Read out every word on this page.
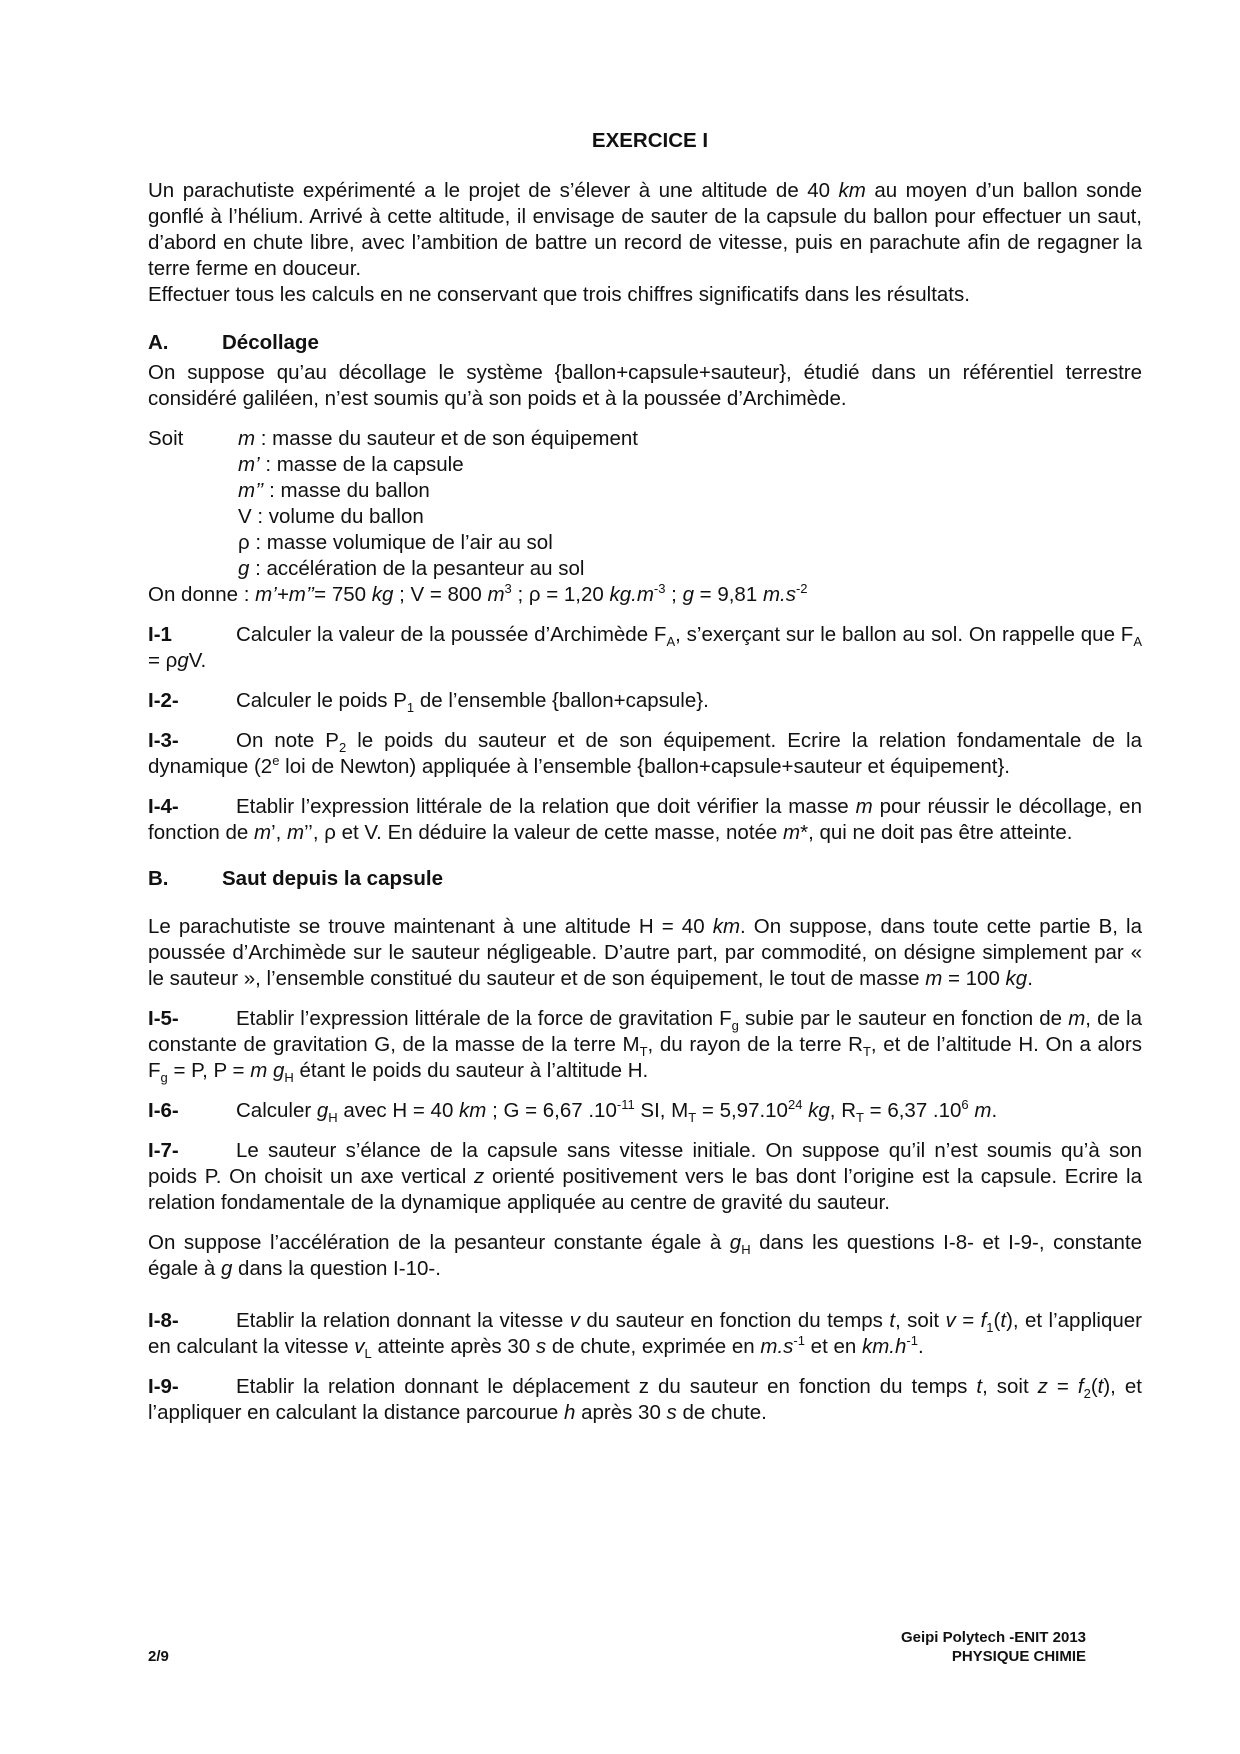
EXERCICE I

Un parachutiste expérimenté a le projet de s’élever à une altitude de 40 km au moyen d’un ballon sonde gonflé à l’hélium. Arrivé à cette altitude, il envisage de sauter de la capsule du ballon pour effectuer un saut, d’abord en chute libre, avec l’ambition de battre un record de vitesse, puis en parachute afin de regagner la terre ferme en douceur.

Effectuer tous les calculs en ne conservant que trois chiffres significatifs dans les résultats.

A.	Décollage

On suppose qu’au décollage le système {ballon+capsule+sauteur}, étudié dans un référentiel terrestre considéré galiléen, n’est soumis qu’à son poids et à la poussée d’Archimède.

Soit	m : masse du sauteur et de son équipement
m’ : masse de la capsule
m’’ : masse du ballon
V : volume du ballon
ρ : masse volumique de l’air au sol
g : accélération de la pesanteur au sol

On donne : m’+m’’= 750 kg ; V = 800 $m^3$ ; ρ = 1,20 $kg.m^{-3}$ ; g = 9,81 $m.s^{-2}$

I-1	Calculer la valeur de la poussée d’Archimède $F_A$, s’exerçant sur le ballon au sol. On rappelle que $F_A = \rho gV$.

I-2-	Calculer le poids $P_1$ de l’ensemble {ballon+capsule}.

I-3-	On note $P_2$ le poids du sauteur et de son équipement. Ecrire la relation fondamentale de la dynamique (2e loi de Newton) appliquée à l’ensemble {ballon+capsule+sauteur et équipement}.

I-4-	Etablir l’expression littérale de la relation que doit vérifier la masse m pour réussir le décollage, en fonction de m’, m’’, ρ et V. En déduire la valeur de cette masse, notée m*, qui ne doit pas être atteinte.

B.	Saut depuis la capsule

Le parachutiste se trouve maintenant à une altitude H = 40 km. On suppose, dans toute cette partie B, la poussée d’Archimède sur le sauteur négligeable. D’autre part, par commodité, on désigne simplement par « le sauteur », l’ensemble constitué du sauteur et de son équipement, le tout de masse m = 100 kg.

I-5-	Etablir l’expression littérale de la force de gravitation $F_g$ subie par le sauteur en fonction de m, de la constante de gravitation G, de la masse de la terre $M_T$, du rayon de la terre $R_T$, et de l’altitude H. On a alors $F_g = P$, P = m $g_H$ étant le poids du sauteur à l’altitude H.

I-6-	Calculer $g_H$ avec H = 40 km ; G = 6,67 $.10^{-11}$ SI, $M_T = 5,97.10^{24}$ kg, $R_T = 6,37$ $.10^6$ m.

I-7-	Le sauteur s’élance de la capsule sans vitesse initiale. On suppose qu’il n’est soumis qu’à son poids P. On choisit un axe vertical z orienté positivement vers le bas dont l’origine est la capsule. Ecrire la relation fondamentale de la dynamique appliquée au centre de gravité du sauteur.

On suppose l’accélération de la pesanteur constante égale à $g_H$ dans les questions I-8- et I-9-, constante égale à g dans la question I-10-.

I-8-	Etablir la relation donnant la vitesse v du sauteur en fonction du temps t, soit $v = f_1(t)$, et l’appliquer en calculant la vitesse $v_L$ atteinte après 30 s de chute, exprimée en $m.s^{-1}$ et en $km.h^{-1}$.

I-9-	Etablir la relation donnant le déplacement z du sauteur en fonction du temps t, soit $z = f_2(t)$, et l’appliquer en calculant la distance parcourue h après 30 s de chute.

2/9
Geipi Polytech -ENIT 2013
PHYSIQUE CHIMIE
